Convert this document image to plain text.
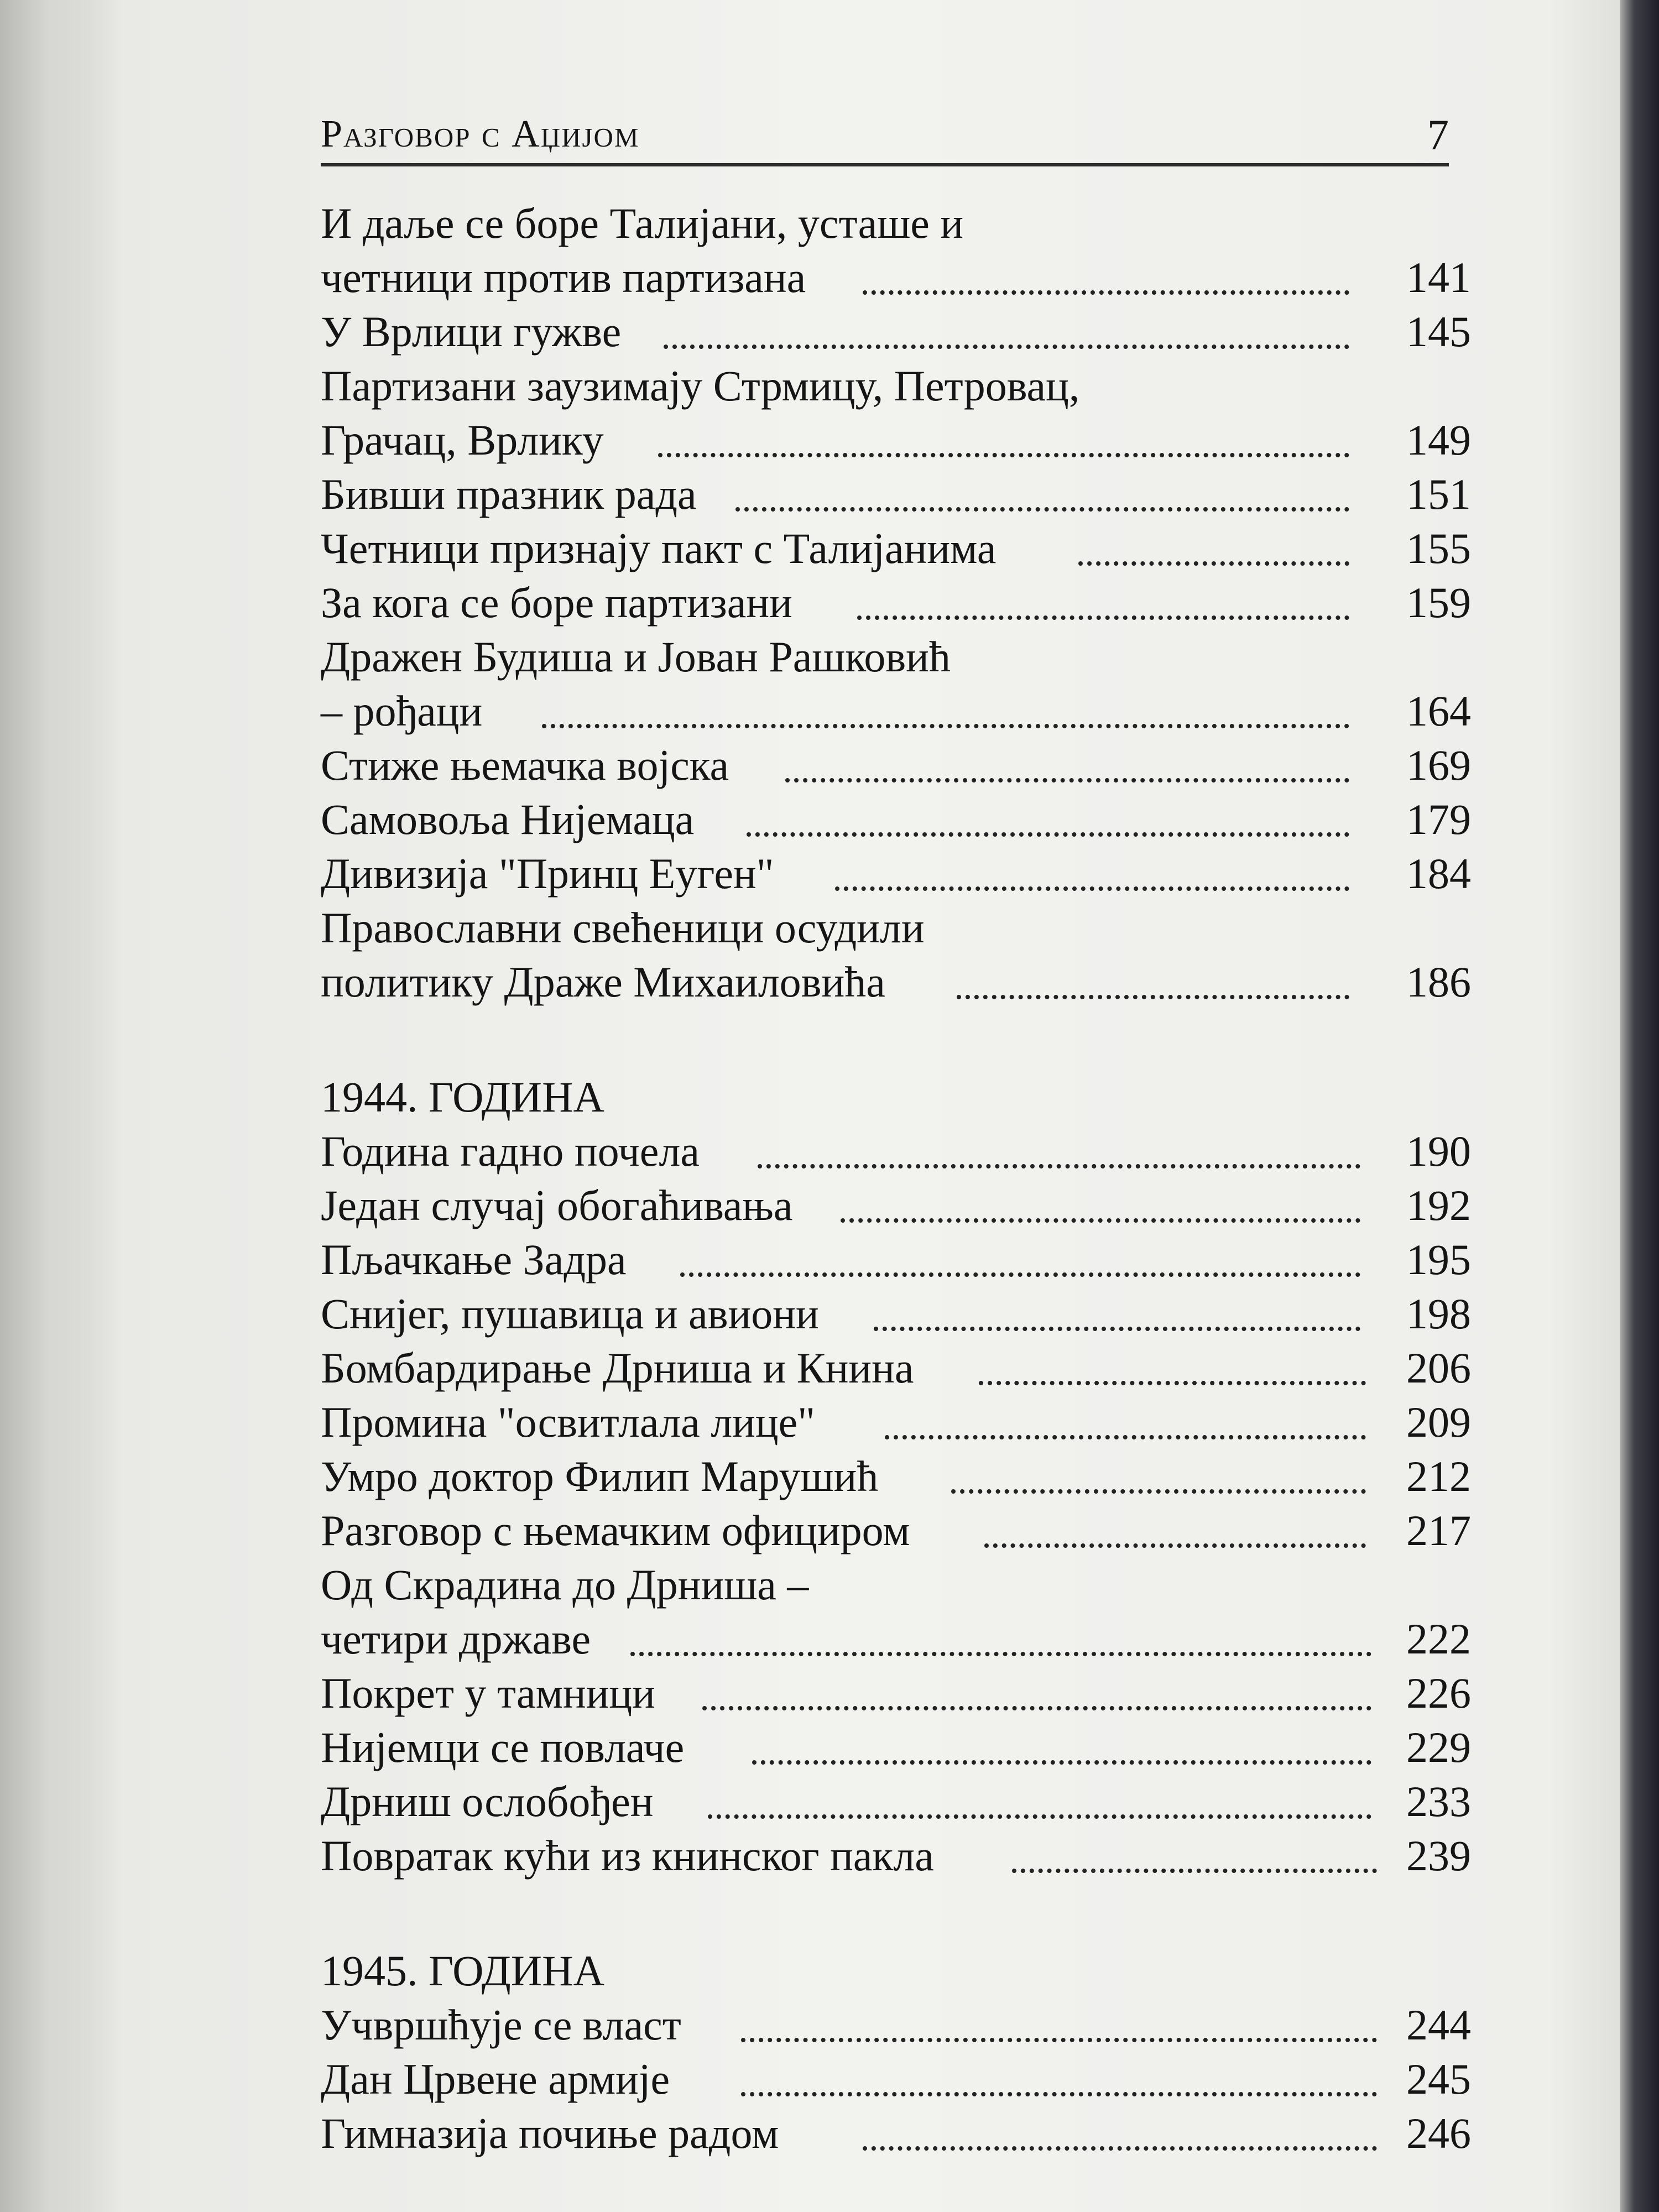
Разговор с Аџијом	7
И даље се боре Талијани, усташе и
четници против партизана	141
У Врлици гужве	145
Партизани заузимају Стрмицу, Петровац,
Грачац, Врлику	149
Бивши празник рада	151
Четници признају пакт с Талијанима	155
За кога се боре партизани	159
Дражен Будиша и Јован Рашковић
– рођаци	164
Стиже њемачка војска	169
Самовоља Нијемаца	179
Дивизија "Принц Еуген"	184
Православни свећеници осудили
политику Драже Михаиловића	186
1944. ГОДИНА
Година гадно почела	190
Један случај обогаћивања	192
Пљачкање Задра	195
Снијег, пушавица и авиони	198
Бомбардирање Дрниша и Книна	206
Промина "освитлала лице"	209
Умро доктор Филип Марушић	212
Разговор с њемачким официром	217
Од Скрадина до Дрниша –
четири државе	222
Покрет у тамници	226
Нијемци се повлаче	229
Дрниш ослобођен	233
Повратак кући из книнског пакла	239
1945. ГОДИНА
Учвршћује се власт	244
Дан Црвене армије	245
Гимназија почиње радом	246
